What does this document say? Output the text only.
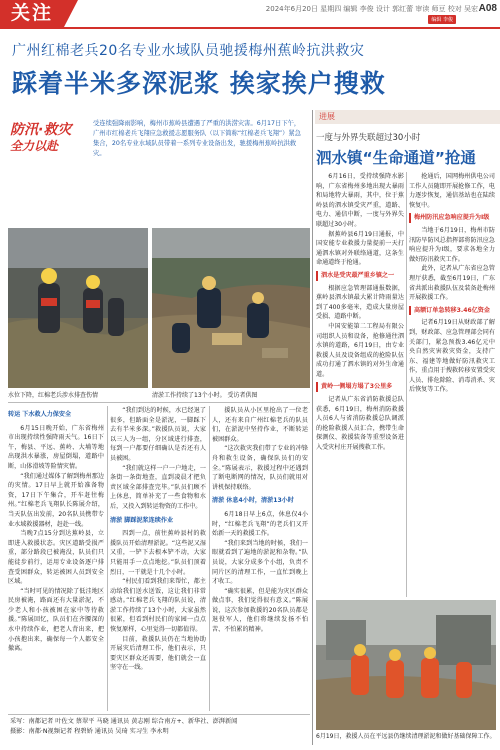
关注	2024年6月20日 星期四 编辑 李俊 设计 郭红蕾 审读 师豆 校对 吴宏
编辑 李俊
A08
广州红棉老兵20名专业水域队员驰援梅州蕉岭抗洪救灾
踩着半米多深泥浆 挨家挨户搜救
防汛·救灾
全力以赴
受连续强降雨影响，梅州市蕉岭县遭遇了严重的洪涝灾害。6月17日下午，广州市红棉老兵飞翔应急救援志愿服务队（以下简称“红棉老兵飞翔”）紧急集合，20名专业水域队员带着一系列专业设备出发，驰援梅州蕉岭抗洪救灾。
水位下降，红棉老兵涉水排查伤情	清淤工作持续了13个小时。 受访者供图
转运 下水救人力保安全

6月15日晚开始，广东省梅州市出现持续性强降雨天气。16日下午，梅县、平远、蕉岭、大埔等地出现洪水暴涨，房屋倒塌，道路中断，山体滑坡等险情灾情。

“我们通过媒体了解到梅州那边的灾情。17日早上就开始准备物资，17日下午集合，开车赶往梅州。”红棉老兵飞翔队长陈展介绍，当天队伍出发前，20名队员携带专业水域救援器材，赶赴一线。

当晚7点15分到达蕉岭县，立即进入救援状态。灾区道路受损严重，部分路段已被淹没，队员们只能徒步前行，运用专业设备逐户排查受困群众，转运被困人员到安全区域。

“当时可见的情况除了低洼地区民房被淹，路面还有大量淤泥，不少老人和小孩被困在家中等待救援。”陈展回忆，队员们在齐腰深的水中持续作业，把老人背出来，把小孩抱出来，确保每一个人都安全撤离。

“我们到达的时候，水已经退了很多，但路面全是淤泥，一脚踩下去有半米多深。”救援队员说，大家以三人为一组，分区域进行排查，每到一户都要仔细确认是否还有人员被困。

“我们就这样一户一户地走，一条街一条街地查，直到凌晨才把负责区域全部排查完毕。”队员们顾不上休息，简单补充了一些食物和水后，又投入到转运物资的工作中。

清淤 脚踩泥浆连续作业

四到一点，前往蕉岭县村的救援队员开始清理淤泥。“这些泥又湿又重，一铲下去根本铲不动，大家只能用手一点点地挖。”队员们顶着烈日，一干就是十几个小时。

“村民们看到我们来帮忙，都主动给我们送水送饭，这让我们非常感动。”红棉老兵飞翔的队员说，清淤工作持续了13个小时，大家虽然很累，但看到村民们的家园一点点恢复原样，心里觉得一切都值得。

目前，救援队员仍在当地协助开展灾后清理工作，他们表示，只要灾区群众还需要，他们就会一直坚守在一线。

援队员从小区里抢出了一位老人，还有来自广州红棉老兵的队员们，在淤泥中坚持作业，不断转运被困群众。

“这次救灾我们带了专业的冲锋舟和救生设备，确保队员们的安全。”陈展表示，救援过程中还遇到了断电断网的情况，队员们就用对讲机保持联络。

清淤 休息4小时，清淤13小时

6月18日早上6点，休息仅4小时，“红棉老兵飞翔”的老兵们又开始新一天的救援工作。

“我们来到当地的时候，我们一眼就看到了遍地的淤泥和杂物。”队员说，大家分成多个小组，负责不同片区的清理工作，一直忙到晚上才收工。

“确实很累，但是能为灾区群众做点事，我们觉得很有意义。”陈展说，这次参加救援的20名队员都是退役军人，他们将继续发扬不怕苦、不怕累的精神。

采写：南都记者 叶佐文 蔡翠平 马晓 通讯员 黄志刚 综合南方+、新华社、澎湃新闻
摄影：南都·N视频记者 程碧娇 通讯员 吴琦 实习生 李永明
进展
一度与外界失联超过30小时
泗水镇“生命通道”抢通

6月16日，受持续强降水影响，广东省梅州多地出现大暴雨和局地特大暴雨，其中，位于蕉岭县的泗水镇受灾严重，道路、电力、通信中断，一度与外界失联超过30小时。

据蕉岭县6月19日通报，中国安能专业救援力量提前一天打通泗水镇对外联络通道，这条生命通道终于抢通。

泗水是受灾最严重乡镇之一

根据应急管理部通报数据，蕉岭县泗水镇最大累计降雨量达到了400多毫米，造成大量房屋受损、道路中断。

中国安能第二工程局有限公司组织人员和设备，抢修通往泗水镇的道路，6月19日，由专业救援人员及设备组成的抢险队伍成功打通了泗水镇的对外生命通道。

黄岭一侧塌方塌了3公里多

记者从广东省消防救援总队获悉，6月19日，梅州消防救援人员6人与省消防救援总队调派的抢险救援人员汇合，携带生命探测仪、救援装备等重型设备进入受灾村庄开展搜救工作。

抢通后，国网梅州供电公司工作人员随即开展抢修工作，电力逐步恢复，通信基站也在陆续恢复中。

梅州防汛应急响应提升为Ⅰ级

当地于6月19日，梅州市防汛防旱防风总指挥部将防汛应急响应提升为Ⅰ级，要求各地全力做好防汛救灾工作。

此外，记者从广东省应急管理厅获悉，截至6月19日，广东省共派出救援队伍及装备赴梅州开展救援工作。

高额订单急转移3.46亿资金

记者6月19日从财政部了解到，财政部、应急管理部会同有关部门，紧急预拨3.46亿元中央自然灾害救灾资金，支持广东、福建等地做好防汛救灾工作，重点用于搜救转移安置受灾人员、排危除险、消毒消杀、灾后恢复等工作。

6月19日，救援人员在平远县仍继续清理淤泥和做好基础保障工作。
